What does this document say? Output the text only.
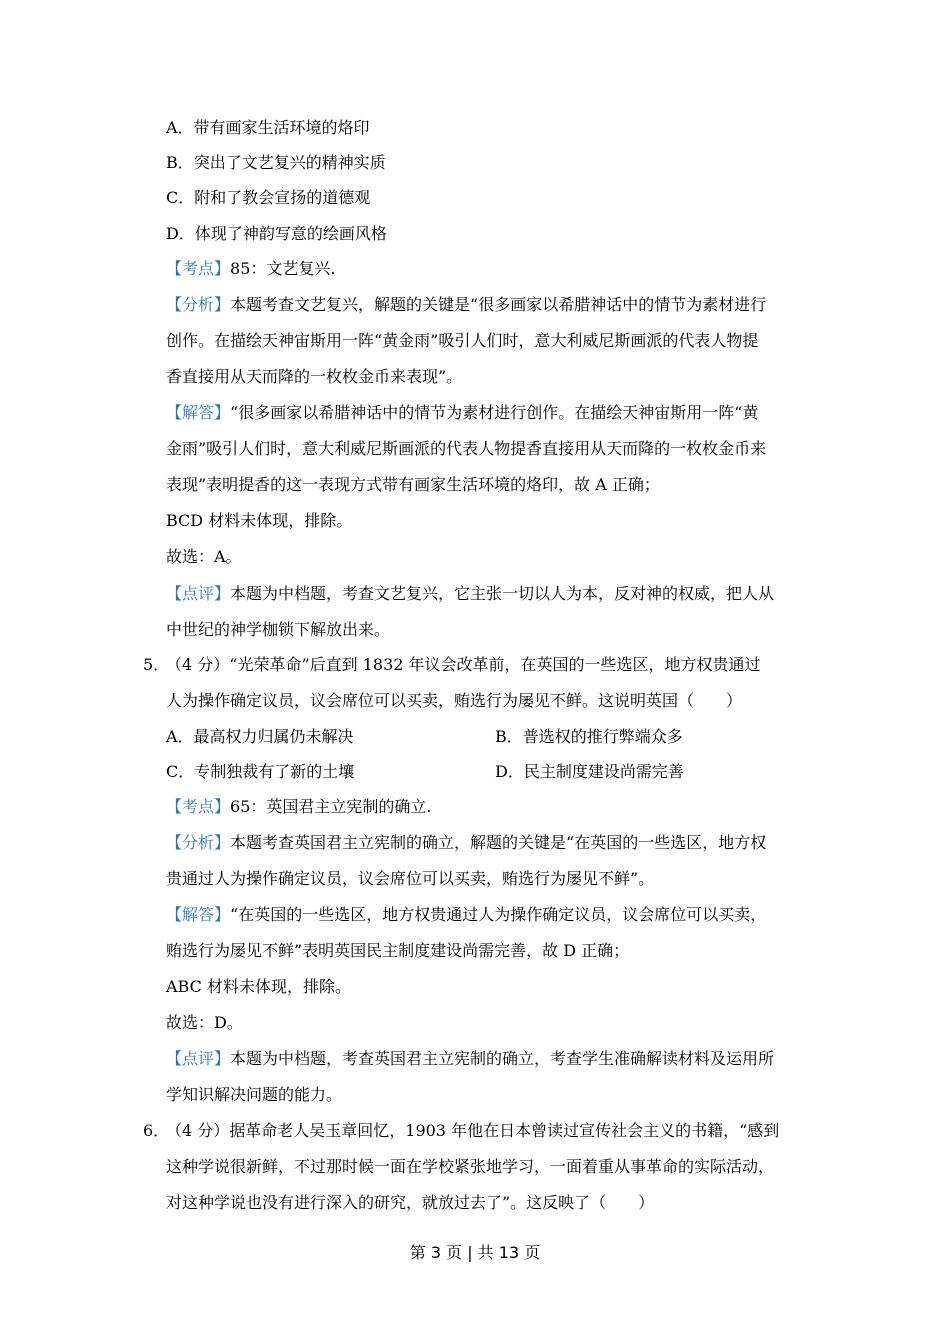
A．带有画家生活环境的烙印
B．突出了文艺复兴的精神实质
C．附和了教会宣扬的道德观
D．体现了神韵写意的绘画风格
【考点】85：文艺复兴.
【分析】本题考查文艺复兴，解题的关键是“很多画家以希腊神话中的情节为素材进行
创作。在描绘天神宙斯用一阵“黄金雨”吸引人们时，意大利威尼斯画派的代表人物提
香直接用从天而降的一枚枚金币来表现”。
【解答】“很多画家以希腊神话中的情节为素材进行创作。在描绘天神宙斯用一阵“黄
金雨”吸引人们时，意大利威尼斯画派的代表人物提香直接用从天而降的一枚枚金币来
表现”表明提香的这一表现方式带有画家生活环境的烙印，故 A 正确；
BCD 材料未体现，排除。
故选：A。
【点评】本题为中档题，考查文艺复兴，它主张一切以人为本，反对神的权威，把人从
中世纪的神学枷锁下解放出来。
5．
（4 分）“光荣革命”后直到 1832 年议会改革前，在英国的一些选区，地方权贵通过
人为操作确定议员，议会席位可以买卖，贿选行为屡见不鲜。这说明英国（　　）
A．最高权力归属仍未解决	B．普选权的推行弊端众多
C．专制独裁有了新的土壤	D．民主制度建设尚需完善
【考点】65：英国君主立宪制的确立.
【分析】本题考查英国君主立宪制的确立，解题的关键是“在英国的一些选区，地方权
贵通过人为操作确定议员，议会席位可以买卖，贿选行为屡见不鲜”。
【解答】“在英国的一些选区，地方权贵通过人为操作确定议员，议会席位可以买卖，
贿选行为屡见不鲜”表明英国民主制度建设尚需完善，故 D 正确；
ABC 材料未体现，排除。
故选：D。
【点评】本题为中档题，考查英国君主立宪制的确立，考查学生准确解读材料及运用所
学知识解决问题的能力。
6．
（4 分）据革命老人吴玉章回忆，1903 年他在日本曾读过宣传社会主义的书籍，“感到
这种学说很新鲜，不过那时候一面在学校紧张地学习，一面着重从事革命的实际活动，
对这种学说也没有进行深入的研究，就放过去了”。这反映了（　　）
第 3 页 | 共 13 页
